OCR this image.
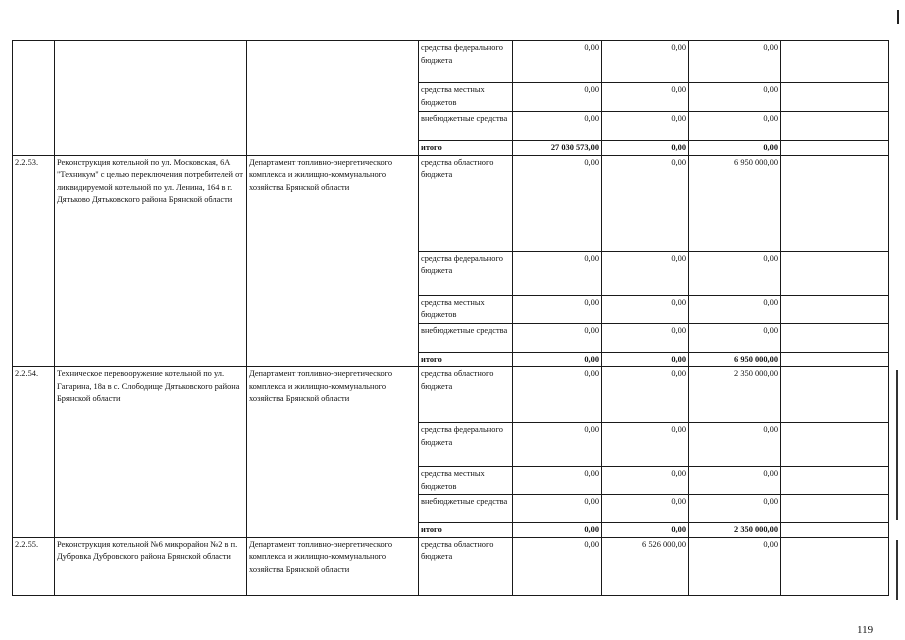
			средства федерального бюджета	0,00	0,00	0,00	
			средства местных бюджетов	0,00	0,00	0,00	
			внебюджетные средства	0,00	0,00	0,00	
			итого	27 030 573,00	0,00	0,00	
2.2.53.	Реконструкция котельной по ул. Московская, 6А "Техникум" с целью переключения потребителей от ликвидируемой котельной по ул. Ленина, 164 в г. Дятьково Дятьковского района Брянской области	Департамент топливно-энергетического комплекса и жилищно-коммунального хозяйства Брянской области	средства областного бюджета	0,00	0,00	6 950 000,00	
			средства федерального бюджета	0,00	0,00	0,00	
			средства местных бюджетов	0,00	0,00	0,00	
			внебюджетные средства	0,00	0,00	0,00	
			итого	0,00	0,00	6 950 000,00	
2.2.54.	Техническое перевооружение котельной по ул. Гагарина, 18а в с. Слободище Дятьковского района Брянской области	Департамент топливно-энергетического комплекса и жилищно-коммунального хозяйства Брянской области	средства областного бюджета	0,00	0,00	2 350 000,00	
			средства федерального бюджета	0,00	0,00	0,00	
			средства местных бюджетов	0,00	0,00	0,00	
			внебюджетные средства	0,00	0,00	0,00	
			итого	0,00	0,00	2 350 000,00	
2.2.55.	Реконструкция котельной №6 микрорайон №2 в п. Дубровка Дубровского района Брянской области	Департамент топливно-энергетического комплекса и жилищно-коммунального хозяйства Брянской области	средства областного бюджета	0,00	6 526 000,00	0,00	
119
